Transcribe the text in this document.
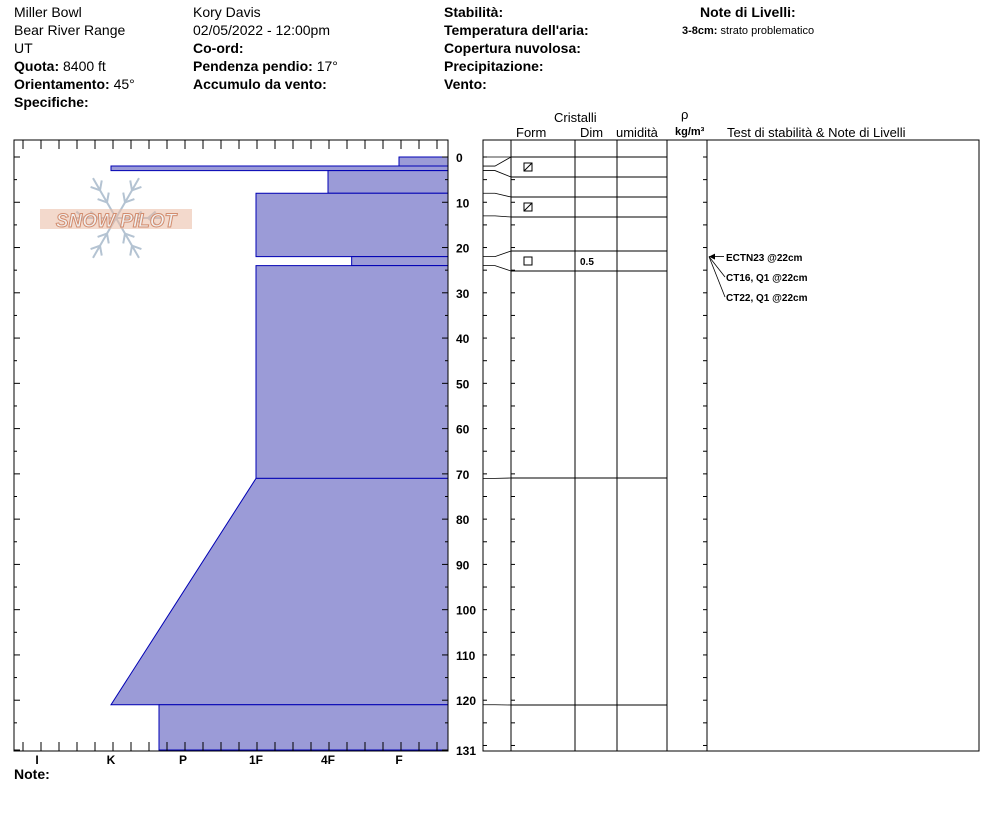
Miller Bowl
Bear River Range
UT
Quota: 8400 ft
Orientamento: 45°
Specifiche:
Kory Davis
02/05/2022 - 12:00pm
Co-ord:
Pendenza pendio: 17°
Accumulo da vento:
Stabilità:
Temperatura dell'aria:
Copertura nuvolosa:
Precipitazione:
Vento:
Note di Livelli:
3-8cm: strato problematico
Cristalli
Form	Dim umidità
ρ
kg/m³ Test di stabilità & Note di Livelli
Note:
SNOW PILOT
I	K	P	1F	4F	F
0
10
20
30
40
50
60
70
80
90
100
110
120
131
0.5	ECTN23 @22cm
CT16, Q1 @22cm
CT22, Q1 @22cm
